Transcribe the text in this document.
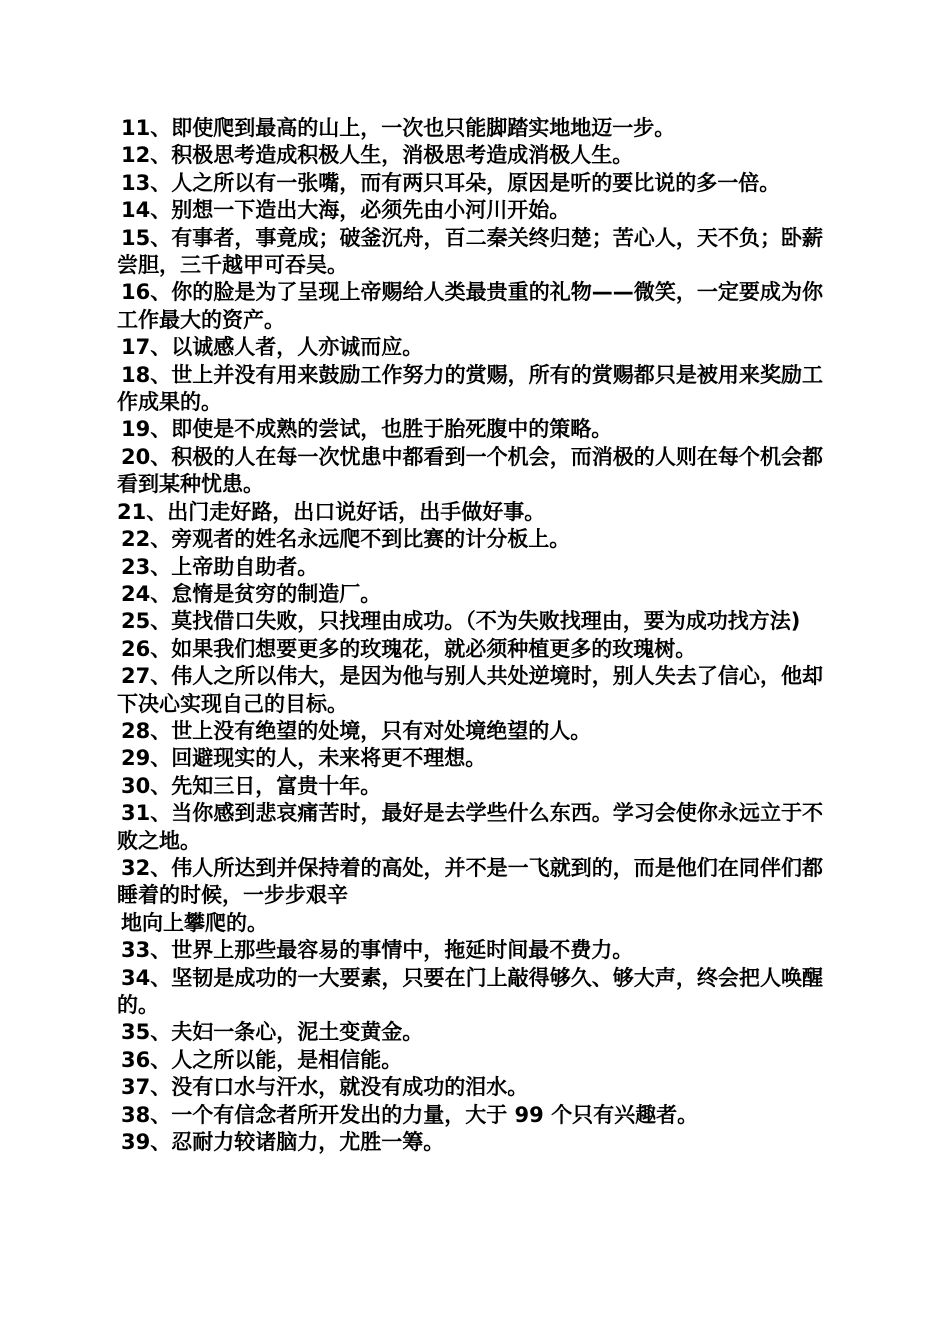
11、即使爬到最高的山上，一次也只能脚踏实地地迈一步。

12、积极思考造成积极人生，消极思考造成消极人生。

13、人之所以有一张嘴，而有两只耳朵，原因是听的要比说的多一倍。

14、别想一下造出大海，必须先由小河川开始。

15、有事者，事竟成；破釜沉舟，百二秦关终归楚；苦心人，天不负；卧薪尝胆，三千越甲可吞吴。

16、你的脸是为了呈现上帝赐给人类最贵重的礼物——微笑，一定要成为你工作最大的资产。

17、以诚感人者，人亦诚而应。

18、世上并没有用来鼓励工作努力的赏赐，所有的赏赐都只是被用来奖励工作成果的。

19、即使是不成熟的尝试，也胜于胎死腹中的策略。

20、积极的人在每一次忧患中都看到一个机会，而消极的人则在每个机会都看到某种忧患。

21、出门走好路，出口说好话，出手做好事。

22、旁观者的姓名永远爬不到比赛的计分板上。

23、上帝助自助者。

24、怠惰是贫穷的制造厂。

25、莫找借口失败，只找理由成功。（不为失败找理由，要为成功找方法)

26、如果我们想要更多的玫瑰花，就必须种植更多的玫瑰树。

27、伟人之所以伟大，是因为他与别人共处逆境时，别人失去了信心，他却下决心实现自己的目标。

28、世上没有绝望的处境，只有对处境绝望的人。

29、回避现实的人，未来将更不理想。

30、先知三日，富贵十年。

31、当你感到悲哀痛苦时，最好是去学些什么东西。学习会使你永远立于不败之地。

32、伟人所达到并保持着的高处，并不是一飞就到的，而是他们在同伴们都睡着的时候，一步步艰辛

地向上攀爬的。

33、世界上那些最容易的事情中，拖延时间最不费力。

34、坚韧是成功的一大要素，只要在门上敲得够久、够大声，终会把人唤醒的。

35、夫妇一条心，泥土变黄金。

36、人之所以能，是相信能。

37、没有口水与汗水，就没有成功的泪水。

38、一个有信念者所开发出的力量，大于 99 个只有兴趣者。

39、忍耐力较诸脑力，尤胜一筹。
